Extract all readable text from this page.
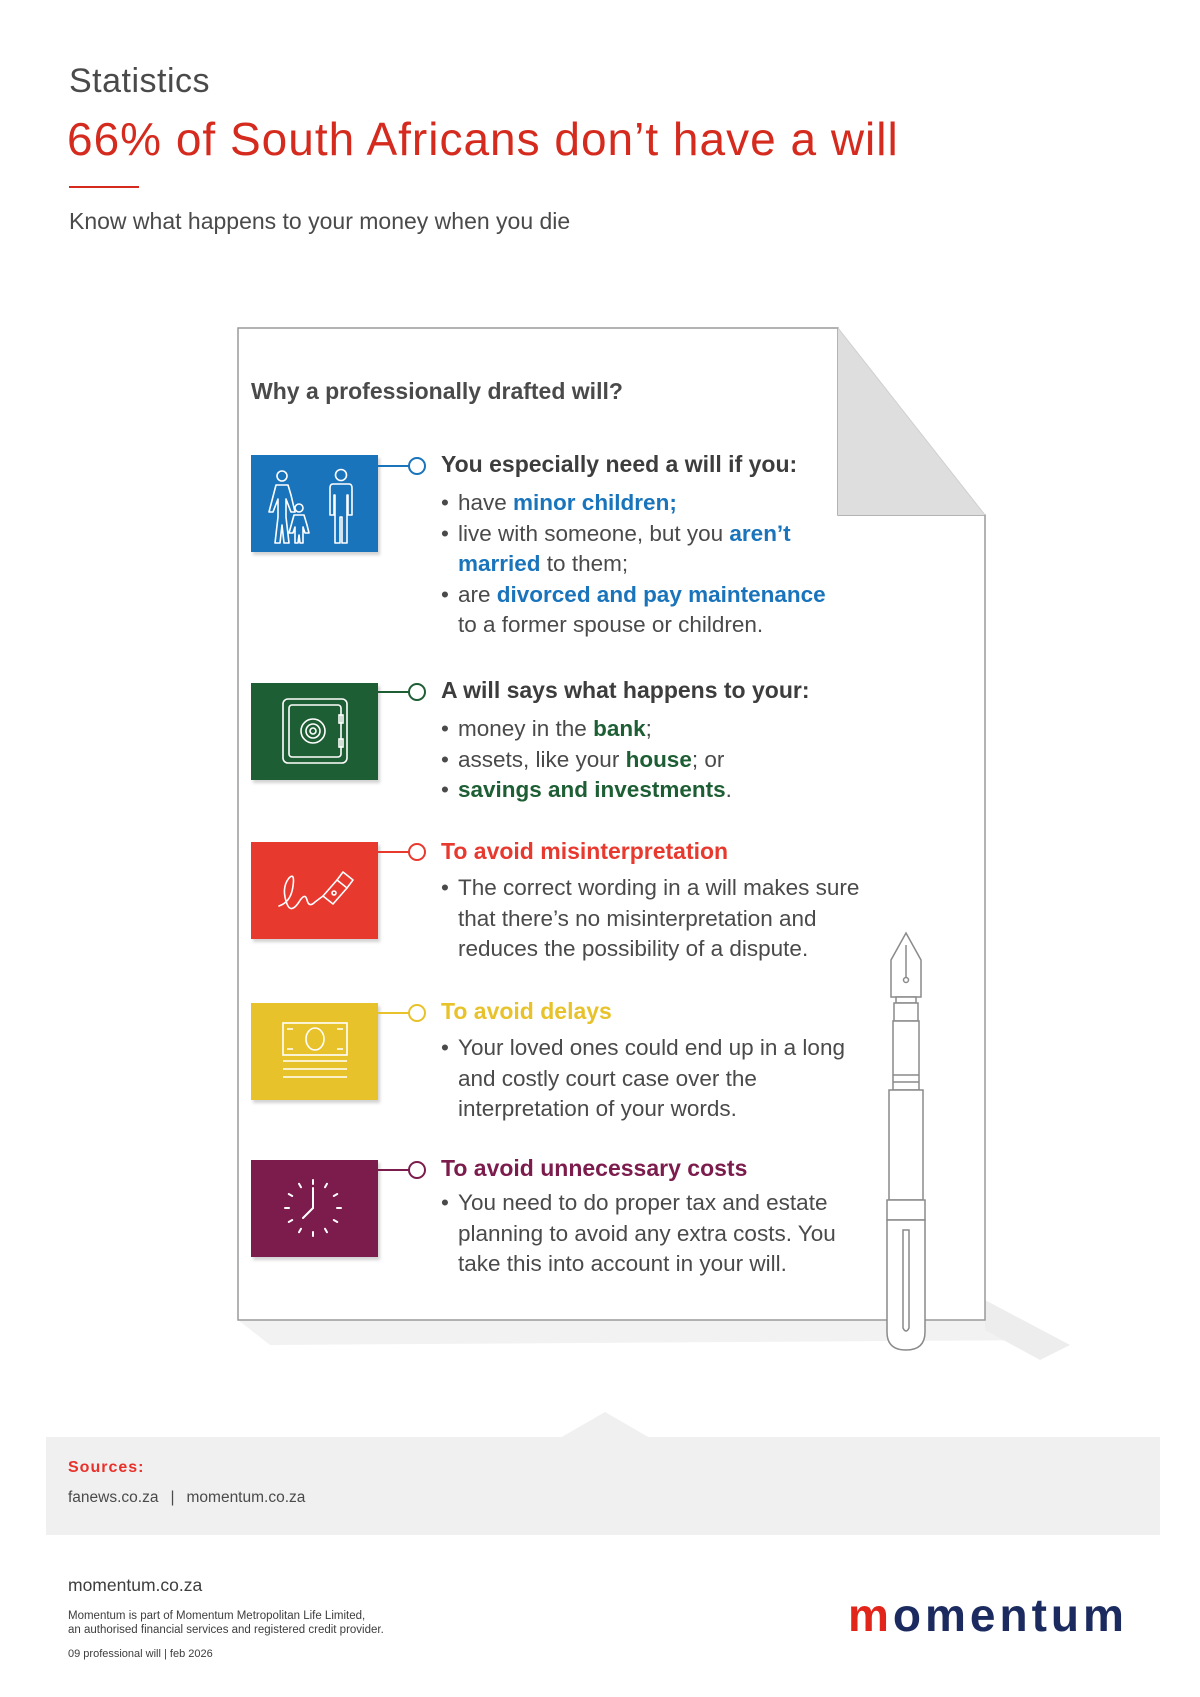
Statistics
66% of South Africans don’t have a will
Know what happens to your money when you die
Why a professionally drafted will?
You especially need a will if you:
• have minor children;
• live with someone, but you aren’t
married to them;
• are divorced and pay maintenance
to a former spouse or children.
A will says what happens to your:
• money in the bank;
• assets, like your house; or
• savings and investments.
To avoid misinterpretation
• The correct wording in a will makes sure
that there’s no misinterpretation and
reduces the possibility of a dispute.
To avoid delays
• Your loved ones could end up in a long
and costly court case over the
interpretation of your words.
To avoid unnecessary costs
• You need to do proper tax and estate
planning to avoid any extra costs. You
take this into account in your will.
Sources:
fanews.co.za | momentum.co.za
momentum.co.za
Momentum is part of Momentum Metropolitan Life Limited,
an authorised financial services and registered credit provider.
09 professional will | feb 2026
momentum
